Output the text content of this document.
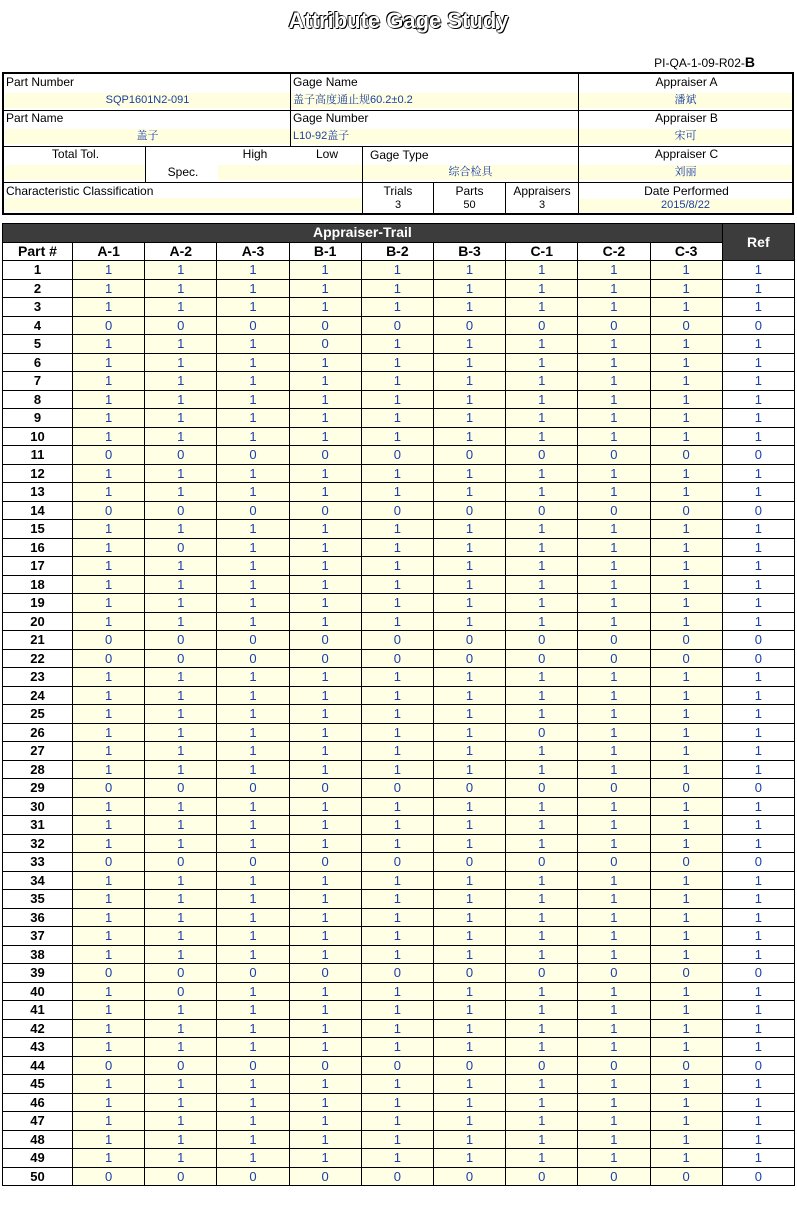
Attribute Gage Study
PI-QA-1-09-R02-B
Part Number
SQP1601N2-091
Gage Name
盖子高度通止规60.2±0.2
Appraiser A
潘斌
Part Name
盖子
Gage Number
L10-92盖子
Appraiser B
宋可
Total Tol.
Spec.
High	Low	Gage Type
综合检具
Appraiser C
刘丽
Characteristic Classification	Trials
3
Parts
50
Appraisers
3
Date Performed
2015/8/22
Appraiser-Trail										Ref
Part #	A-1	A-2	A-3	B-1	B-2	B-3	C-1	C-2	C-3	
1	1	1	1	1	1	1	1	1	1	1
2	1	1	1	1	1	1	1	1	1	1
3	1	1	1	1	1	1	1	1	1	1
4	0	0	0	0	0	0	0	0	0	0
5	1	1	1	0	1	1	1	1	1	1
6	1	1	1	1	1	1	1	1	1	1
7	1	1	1	1	1	1	1	1	1	1
8	1	1	1	1	1	1	1	1	1	1
9	1	1	1	1	1	1	1	1	1	1
10	1	1	1	1	1	1	1	1	1	1
11	0	0	0	0	0	0	0	0	0	0
12	1	1	1	1	1	1	1	1	1	1
13	1	1	1	1	1	1	1	1	1	1
14	0	0	0	0	0	0	0	0	0	0
15	1	1	1	1	1	1	1	1	1	1
16	1	0	1	1	1	1	1	1	1	1
17	1	1	1	1	1	1	1	1	1	1
18	1	1	1	1	1	1	1	1	1	1
19	1	1	1	1	1	1	1	1	1	1
20	1	1	1	1	1	1	1	1	1	1
21	0	0	0	0	0	0	0	0	0	0
22	0	0	0	0	0	0	0	0	0	0
23	1	1	1	1	1	1	1	1	1	1
24	1	1	1	1	1	1	1	1	1	1
25	1	1	1	1	1	1	1	1	1	1
26	1	1	1	1	1	1	0	1	1	1
27	1	1	1	1	1	1	1	1	1	1
28	1	1	1	1	1	1	1	1	1	1
29	0	0	0	0	0	0	0	0	0	0
30	1	1	1	1	1	1	1	1	1	1
31	1	1	1	1	1	1	1	1	1	1
32	1	1	1	1	1	1	1	1	1	1
33	0	0	0	0	0	0	0	0	0	0
34	1	1	1	1	1	1	1	1	1	1
35	1	1	1	1	1	1	1	1	1	1
36	1	1	1	1	1	1	1	1	1	1
37	1	1	1	1	1	1	1	1	1	1
38	1	1	1	1	1	1	1	1	1	1
39	0	0	0	0	0	0	0	0	0	0
40	1	0	1	1	1	1	1	1	1	1
41	1	1	1	1	1	1	1	1	1	1
42	1	1	1	1	1	1	1	1	1	1
43	1	1	1	1	1	1	1	1	1	1
44	0	0	0	0	0	0	0	0	0	0
45	1	1	1	1	1	1	1	1	1	1
46	1	1	1	1	1	1	1	1	1	1
47	1	1	1	1	1	1	1	1	1	1
48	1	1	1	1	1	1	1	1	1	1
49	1	1	1	1	1	1	1	1	1	1
50	0	0	0	0	0	0	0	0	0	0
